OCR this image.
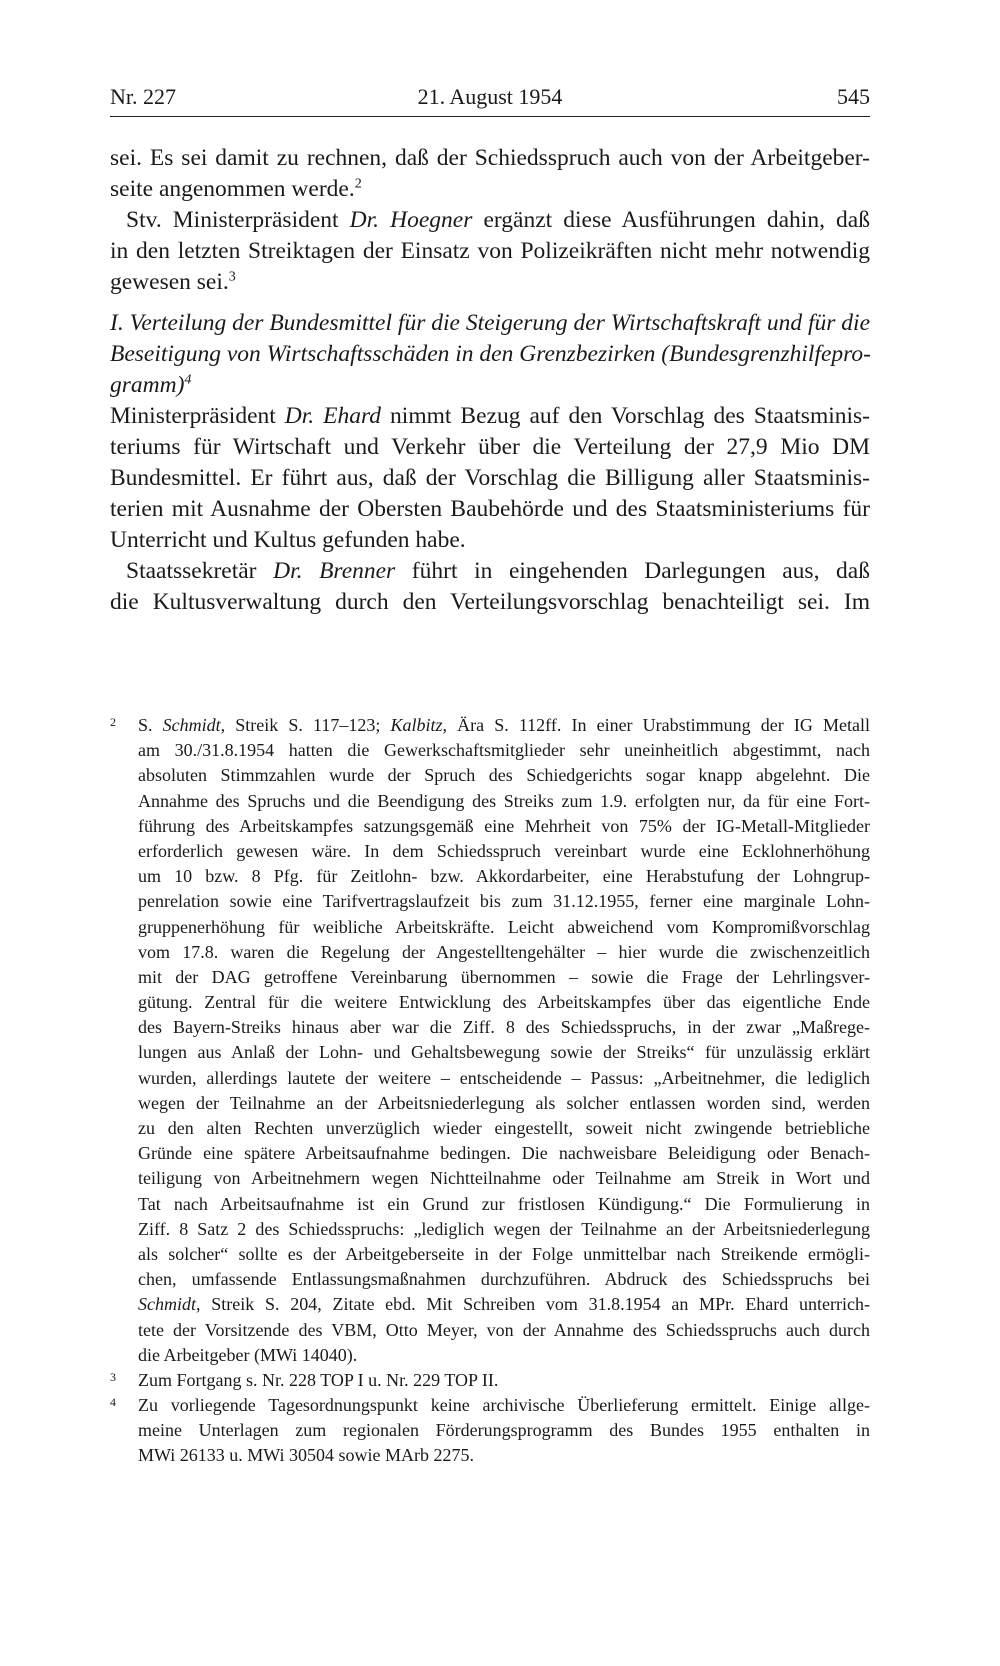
Nr. 227	21. August 1954	545
sei. Es sei damit zu rechnen, daß der Schiedsspruch auch von der Arbeitgeber-
seite angenommen werde.$^2$
Stv. Ministerpräsident Dr. Hoegner ergänzt diese Ausführungen dahin, daß
in den letzten Streiktagen der Einsatz von Polizeikräften nicht mehr notwendig
gewesen sei.$^3$
I. Verteilung der Bundesmittel für die Steigerung der Wirtschaftskraft und für die
Beseitigung von Wirtschaftsschäden in den Grenzbezirken (Bundesgrenzhilfepro-
gramm)$^4$
Ministerpräsident Dr. Ehard nimmt Bezug auf den Vorschlag des Staatsminis-
teriums für Wirtschaft und Verkehr über die Verteilung der 27,9 Mio DM
Bundesmittel. Er führt aus, daß der Vorschlag die Billigung aller Staatsminis-
terien mit Ausnahme der Obersten Baubehörde und des Staatsministeriums für
Unterricht und Kultus gefunden habe.
Staatssekretär Dr. Brenner führt in eingehenden Darlegungen aus, daß
die Kultusverwaltung durch den Verteilungsvorschlag benachteiligt sei. Im
2 S. Schmidt, Streik S. 117–123; Kalbitz, Ära S. 112ff. In einer Urabstimmung der IG Metall
am 30./31.8.1954 hatten die Gewerkschaftsmitglieder sehr uneinheitlich abgestimmt, nach
absoluten Stimmzahlen wurde der Spruch des Schiedgerichts sogar knapp abgelehnt. Die
Annahme des Spruchs und die Beendigung des Streiks zum 1.9. erfolgten nur, da für eine Fort-
führung des Arbeitskampfes satzungsgemäß eine Mehrheit von 75% der IG-Metall-Mitglieder
erforderlich gewesen wäre. In dem Schiedsspruch vereinbart wurde eine Ecklohnerhöhung
um 10 bzw. 8 Pfg. für Zeitlohn- bzw. Akkordarbeiter, eine Herabstufung der Lohngrup-
penrelation sowie eine Tarifvertragslaufzeit bis zum 31.12.1955, ferner eine marginale Lohn-
gruppenerhöhung für weibliche Arbeitskräfte. Leicht abweichend vom Kompromißvorschlag
vom 17.8. waren die Regelung der Angestelltengehälter – hier wurde die zwischenzeitlich
mit der DAG getroffene Vereinbarung übernommen – sowie die Frage der Lehrlingsver-
gütung. Zentral für die weitere Entwicklung des Arbeitskampfes über das eigentliche Ende
des Bayern-Streiks hinaus aber war die Ziff. 8 des Schiedsspruchs, in der zwar „Maßrege-
lungen aus Anlaß der Lohn- und Gehaltsbewegung sowie der Streiks“ für unzulässig erklärt
wurden, allerdings lautete der weitere – entscheidende – Passus: „Arbeitnehmer, die lediglich
wegen der Teilnahme an der Arbeitsniederlegung als solcher entlassen worden sind, werden
zu den alten Rechten unverzüglich wieder eingestellt, soweit nicht zwingende betriebliche
Gründe eine spätere Arbeitsaufnahme bedingen. Die nachweisbare Beleidigung oder Benach-
teiligung von Arbeitnehmern wegen Nichtteilnahme oder Teilnahme am Streik in Wort und
Tat nach Arbeitsaufnahme ist ein Grund zur fristlosen Kündigung.“ Die Formulierung in
Ziff. 8 Satz 2 des Schiedsspruchs: „lediglich wegen der Teilnahme an der Arbeitsniederlegung
als solcher“ sollte es der Arbeitgeberseite in der Folge unmittelbar nach Streikende ermögli-
chen, umfassende Entlassungsmaßnahmen durchzuführen. Abdruck des Schiedsspruchs bei
Schmidt, Streik S. 204, Zitate ebd. Mit Schreiben vom 31.8.1954 an MPr. Ehard unterrich-
tete der Vorsitzende des VBM, Otto Meyer, von der Annahme des Schiedsspruchs auch durch
die Arbeitgeber (MWi 14040).
3 Zum Fortgang s. Nr. 228 TOP I u. Nr. 229 TOP II.
4 Zu vorliegende Tagesordnungspunkt keine archivische Überlieferung ermittelt. Einige allge-
meine Unterlagen zum regionalen Förderungsprogramm des Bundes 1955 enthalten in
MWi 26133 u. MWi 30504 sowie MArb 2275.
